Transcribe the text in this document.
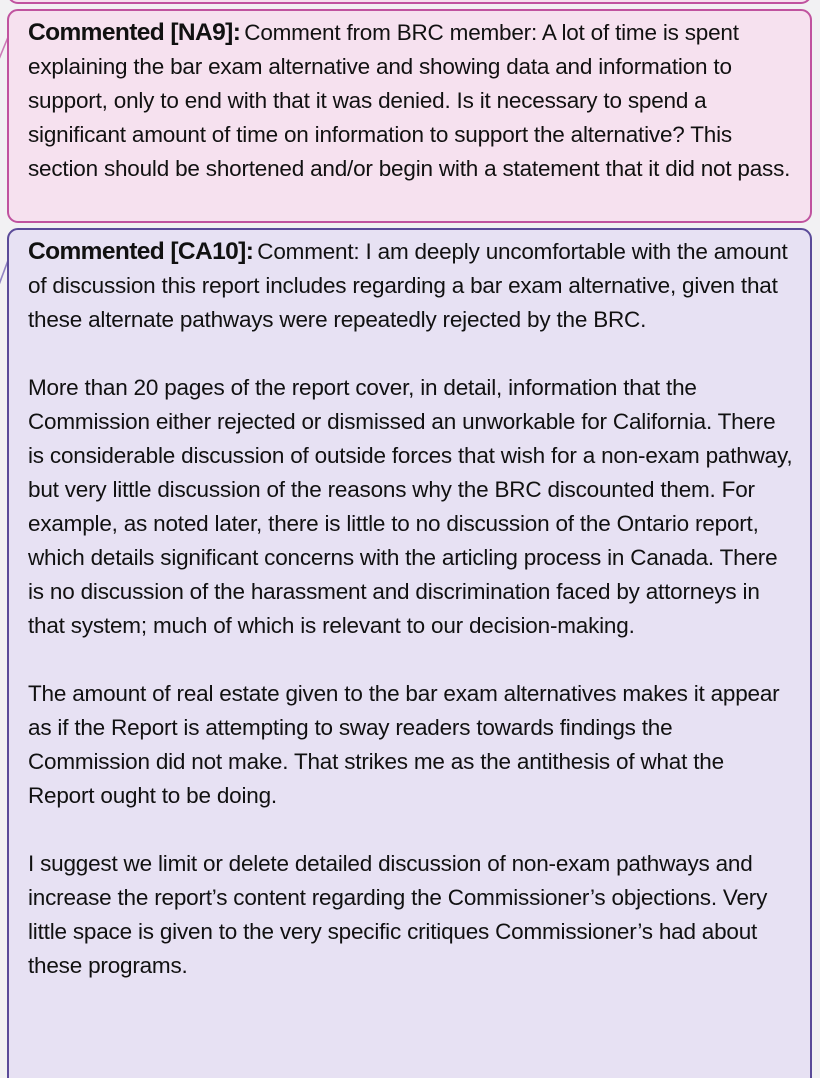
Commented [NA9]: Comment from BRC member: A lot of time is spent explaining the bar exam alternative and showing data and information to support, only to end with that it was denied. Is it necessary to spend a significant amount of time on information to support the alternative? This section should be shortened and/or begin with a statement that it did not pass.

Commented [CA10]: Comment: I am deeply uncomfortable with the amount of discussion this report includes regarding a bar exam alternative, given that these alternate pathways were repeatedly rejected by the BRC.

More than 20 pages of the report cover, in detail, information that the Commission either rejected or dismissed an unworkable for California. There is considerable discussion of outside forces that wish for a non-exam pathway, but very little discussion of the reasons why the BRC discounted them. For example, as noted later, there is little to no discussion of the Ontario report, which details significant concerns with the articling process in Canada. There is no discussion of the harassment and discrimination faced by attorneys in that system; much of which is relevant to our decision-making.

The amount of real estate given to the bar exam alternatives makes it appear as if the Report is attempting to sway readers towards findings the Commission did not make. That strikes me as the antithesis of what the Report ought to be doing.

I suggest we limit or delete detailed discussion of non-exam pathways and increase the report’s content regarding the Commissioner’s objections. Very little space is given to the very specific critiques Commissioner’s had about these programs.
